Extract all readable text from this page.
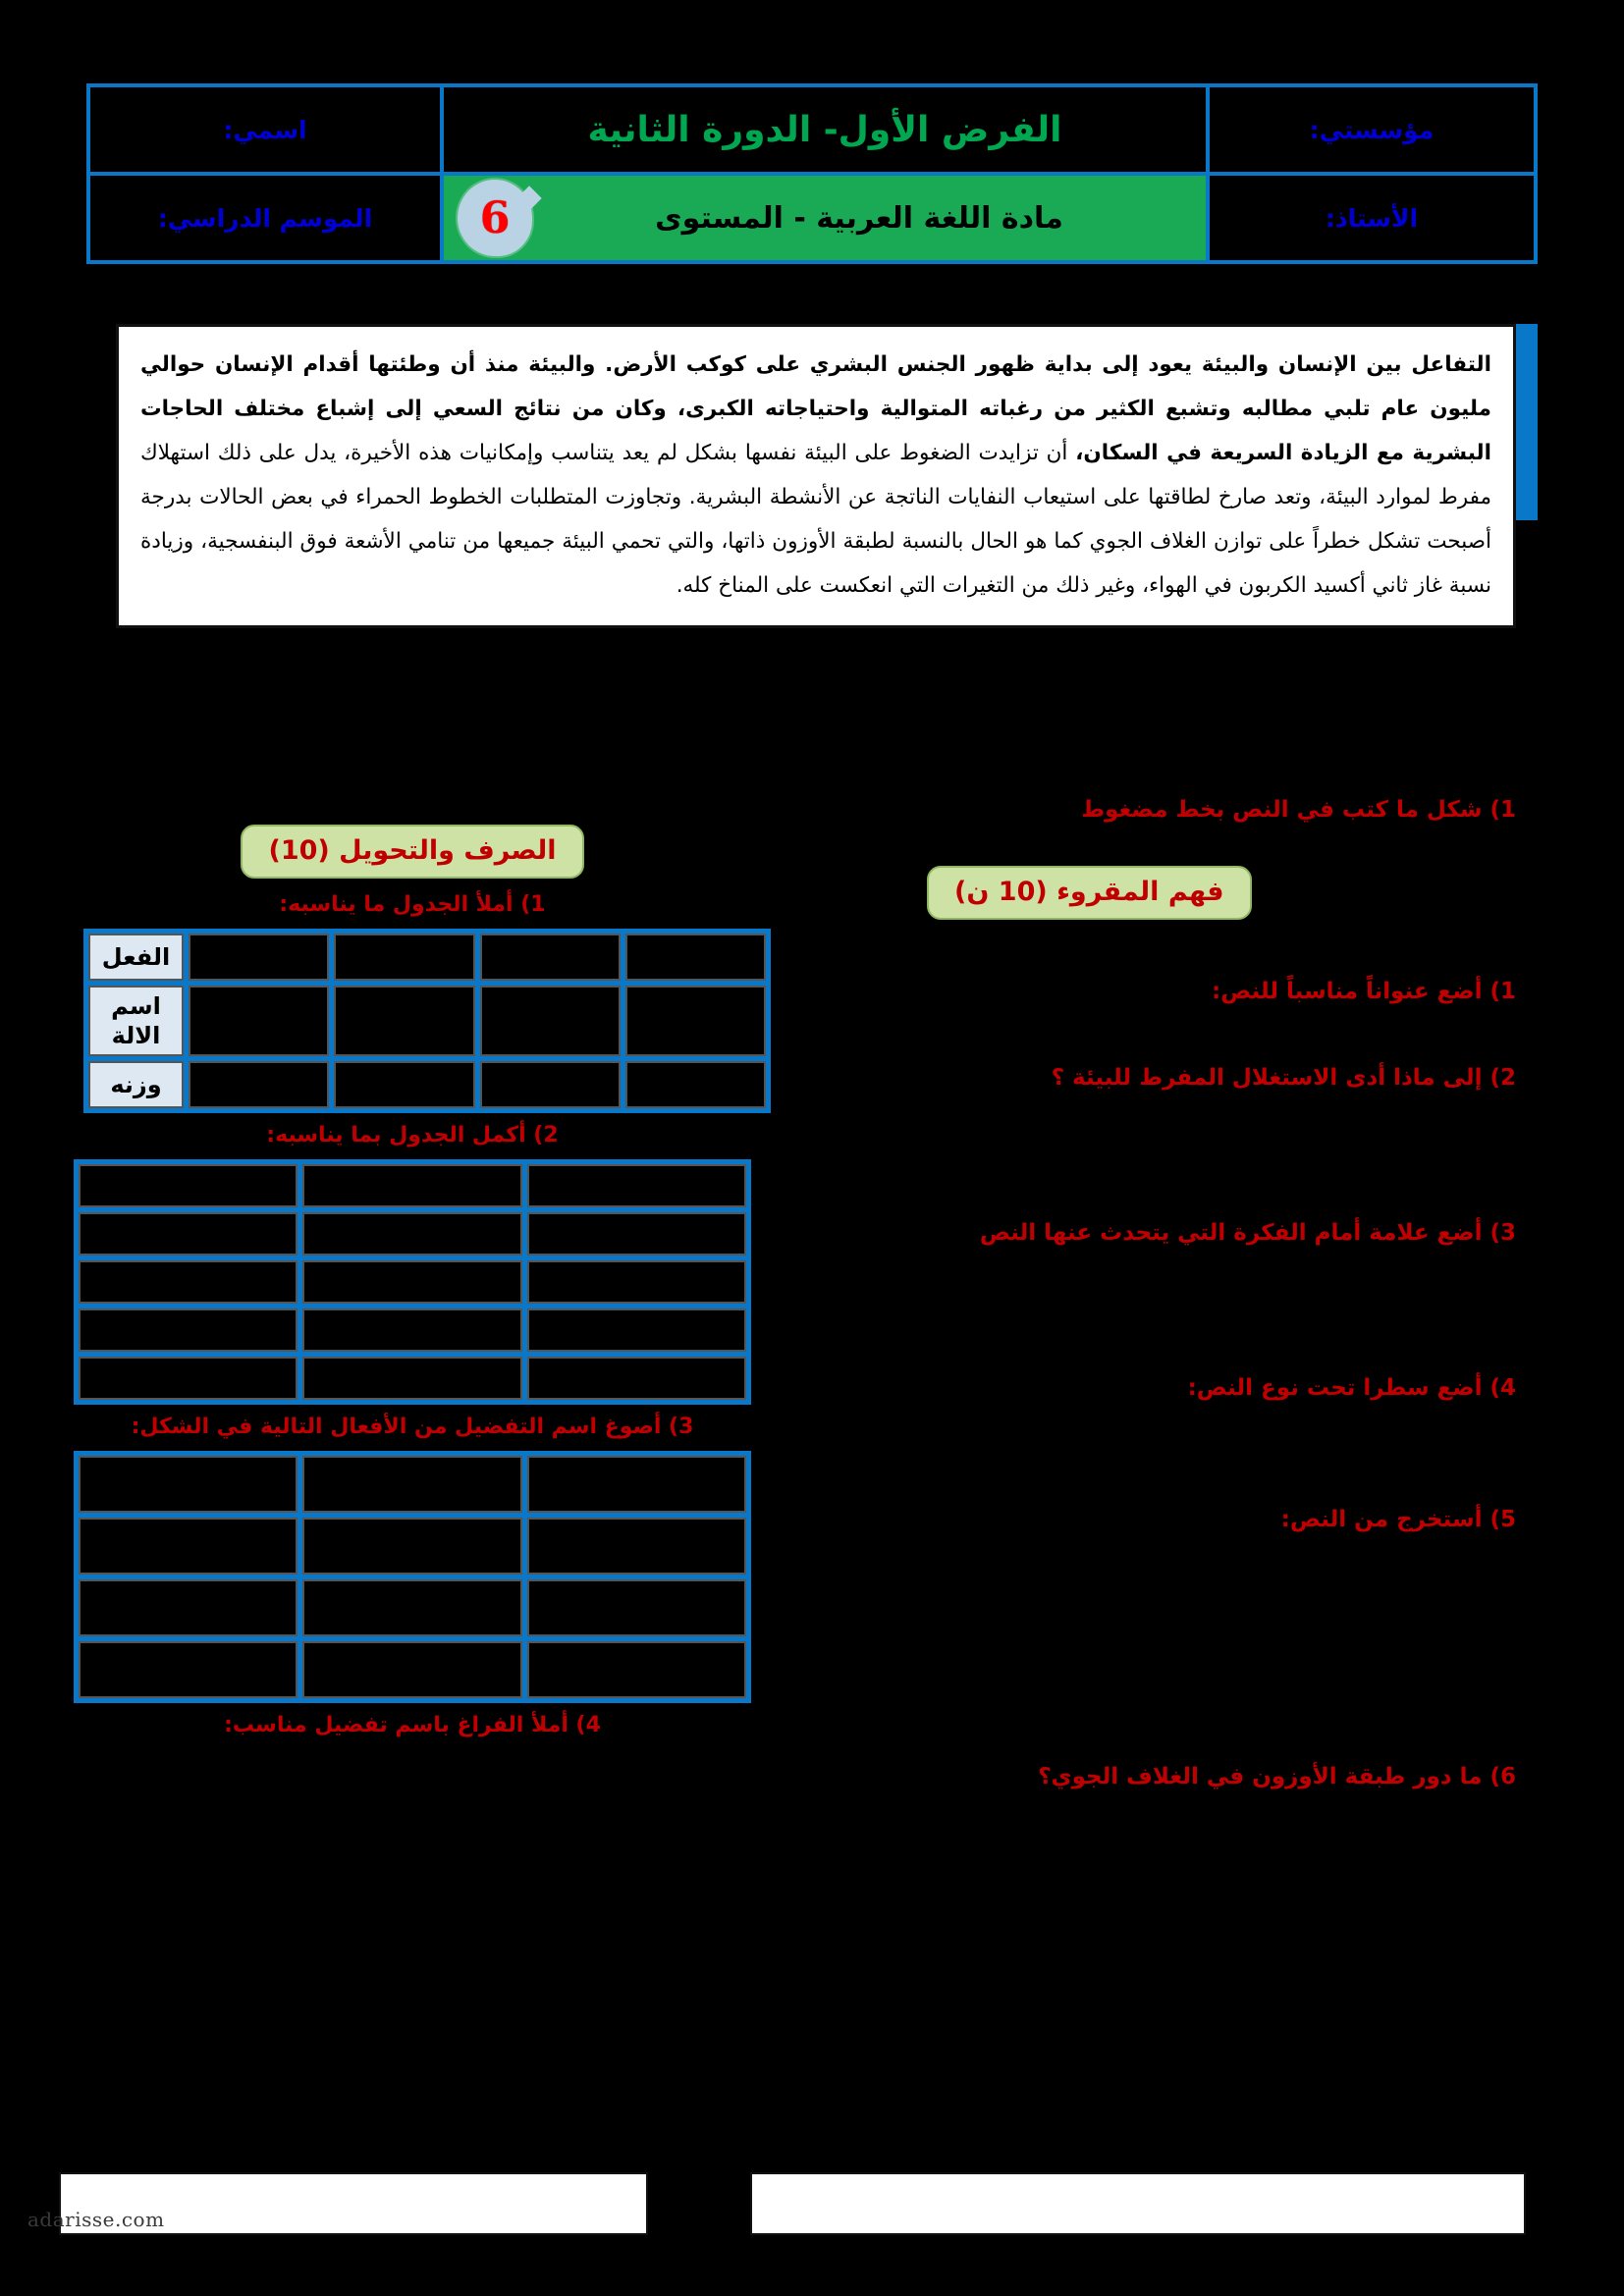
مؤسستي:
الفرض الأول- الدورة الثانية
اسمي:
الأستاذ:
6	مادة اللغة العربية - المستوى
الموسم الدراسي:

التفاعل بين الإنسان والبيئة يعود إلى بداية ظهور الجنس البشري على كوكب الأرض. والبيئة منذ أن وطئتها أقدام الإنسان حوالي مليون عام تلبي مطالبه وتشبع الكثير من رغباته المتوالية واحتياجاته الكبرى، وكان من نتائج السعي إلى إشباع مختلف الحاجات البشرية مع الزيادة السريعة في السكان، أن تزايدت الضغوط على البيئة نفسها بشكل لم يعد يتناسب وإمكانيات هذه الأخيرة، يدل على ذلك استهلاك مفرط لموارد البيئة، وتعد صارخ لطاقتها على استيعاب النفايات الناتجة عن الأنشطة البشرية. وتجاوزت المتطلبات الخطوط الحمراء في بعض الحالات بدرجة أصبحت تشكل خطراً على توازن الغلاف الجوي كما هو الحال بالنسبة لطبقة الأوزون ذاتها، والتي تحمي البيئة جميعها من تنامي الأشعة فوق البنفسجية، وزيادة نسبة غاز ثاني أكسيد الكربون في الهواء، وغير ذلك من التغيرات التي انعكست على المناخ كله.

1) شكل ما كتب في النص بخط مضغوط
فهم المقروء (10 ن)
1) أضع عنواناً مناسباً للنص:
2) إلى ماذا أدى الاستغلال المفرط للبيئة ؟
3) أضع علامة أمام الفكرة التي يتحدث عنها النص
4) أضع سطرا تحت نوع النص:
5) أستخرج من النص:
6) ما دور طبقة الأوزون في الغلاف الجوي؟
الصرف والتحويل (10)
1) أملأ الجدول ما يناسبه:
الفعل
اسم الالة
وزنه
2) أكمل الجدول بما يناسبه:
3) أصوغ اسم التفضيل من الأفعال التالية في الشكل:
4) أملأ الفراغ باسم تفضيل مناسب:
adarisse.com
